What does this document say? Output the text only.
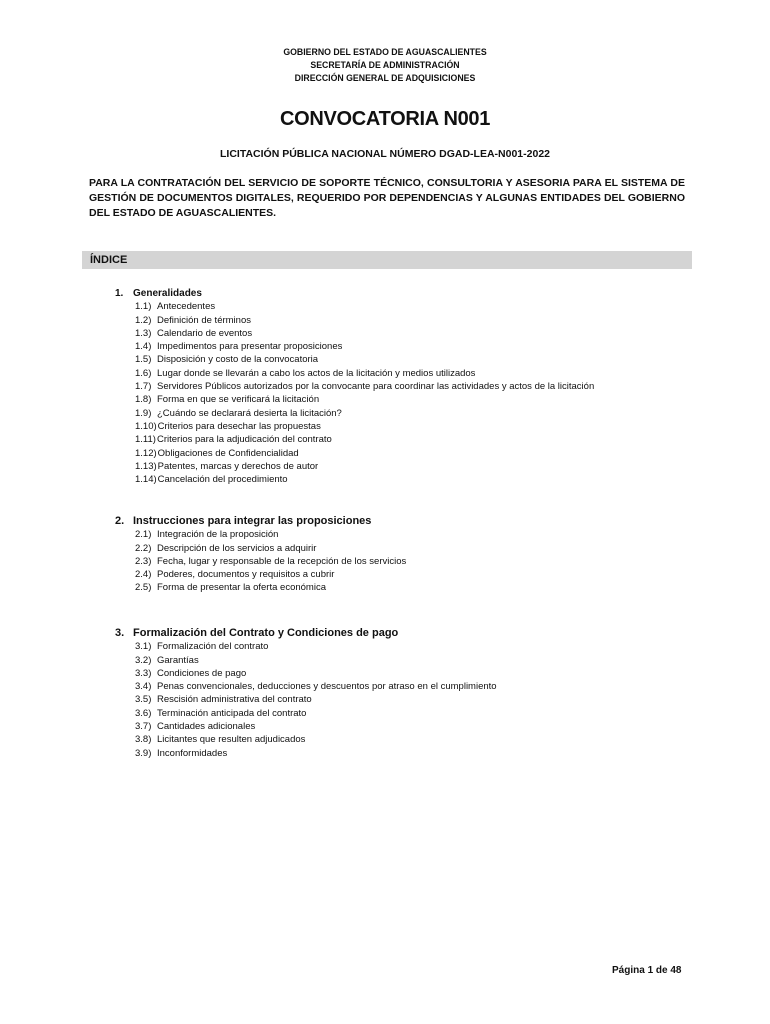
GOBIERNO DEL ESTADO DE AGUASCALIENTES
SECRETARÍA DE ADMINISTRACIÓN
DIRECCIÓN GENERAL DE ADQUISICIONES
CONVOCATORIA N001
LICITACIÓN PÚBLICA NACIONAL NÚMERO DGAD-LEA-N001-2022
PARA LA CONTRATACIÓN DEL SERVICIO DE SOPORTE TÉCNICO, CONSULTORIA Y ASESORIA PARA EL SISTEMA DE GESTIÓN DE DOCUMENTOS DIGITALES, REQUERIDO POR DEPENDENCIAS Y ALGUNAS ENTIDADES DEL GOBIERNO DEL ESTADO DE AGUASCALIENTES.
ÍNDICE
1. Generalidades
1.1) Antecedentes
1.2) Definición de términos
1.3) Calendario de eventos
1.4) Impedimentos para presentar proposiciones
1.5) Disposición y costo de la convocatoria
1.6) Lugar donde se llevarán a cabo los actos de la licitación y medios utilizados
1.7) Servidores Públicos autorizados por la convocante para coordinar las actividades y actos de la licitación
1.8) Forma en que se verificará la licitación
1.9) ¿Cuándo se declarará desierta la licitación?
1.10) Criterios para desechar las propuestas
1.11) Criterios para la adjudicación del contrato
1.12) Obligaciones de Confidencialidad
1.13) Patentes, marcas y derechos de autor
1.14) Cancelación del procedimiento
2. Instrucciones para integrar las proposiciones
2.1) Integración de la proposición
2.2) Descripción de los servicios a adquirir
2.3) Fecha, lugar y responsable de la recepción de los servicios
2.4) Poderes, documentos y requisitos a cubrir
2.5) Forma de presentar la oferta económica
3. Formalización del Contrato y Condiciones de pago
3.1) Formalización del contrato
3.2) Garantías
3.3) Condiciones de pago
3.4) Penas convencionales, deducciones y descuentos por atraso en el cumplimiento
3.5) Rescisión administrativa del contrato
3.6) Terminación anticipada del contrato
3.7) Cantidades adicionales
3.8) Licitantes que resulten adjudicados
3.9) Inconformidades
Página 1 de 48
